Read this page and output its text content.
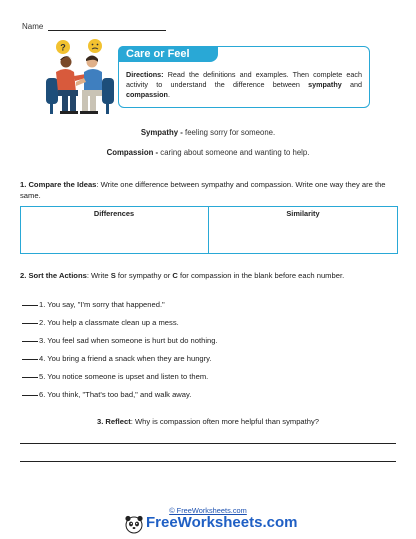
Name
?
Care or Feel
Directions: Read the definitions and examples. Then complete each activity to understand the difference between sympathy and compassion.
Sympathy - feeling sorry for someone.
Compassion - caring about someone and wanting to help.
1. Compare the Ideas: Write one difference between sympathy and compassion. Write one way they are the same.
Differences	Similarity
2. Sort the Actions: Write S for sympathy or C for compassion in the blank before each number.
1. You say, "I'm sorry that happened."
2. You help a classmate clean up a mess.
3. You feel sad when someone is hurt but do nothing.
4. You bring a friend a snack when they are hungry.
5. You notice someone is upset and listen to them.
6. You think, "That's too bad," and walk away.
3. Reflect: Why is compassion often more helpful than sympathy?
© FreeWorksheets.com
FreeWorksheets.com
